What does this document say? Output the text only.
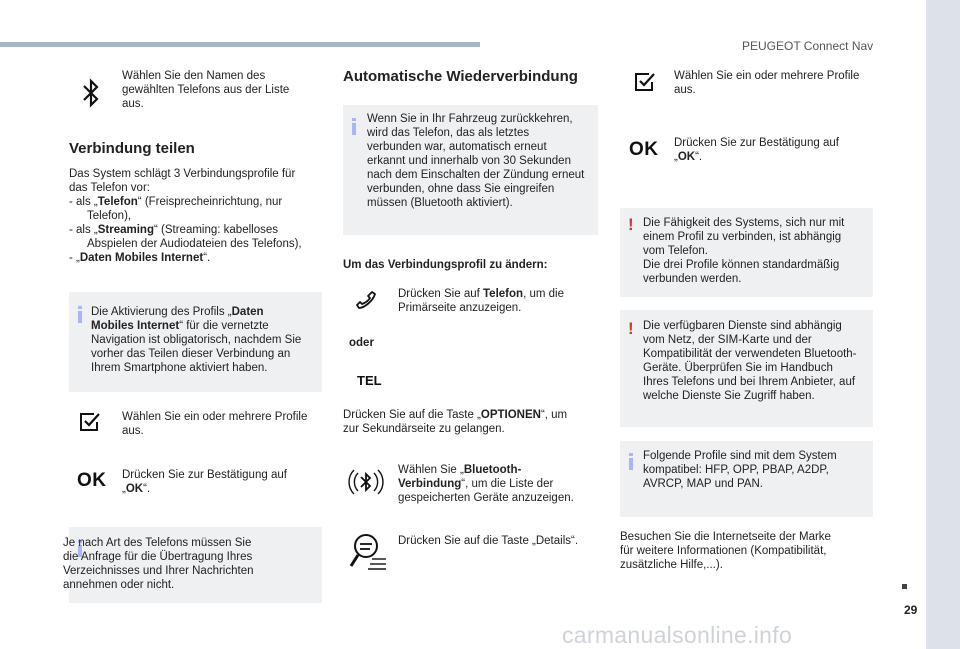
PEUGEOT Connect Nav
Wählen Sie den Namen des gewählten Telefons aus der Liste aus.
Verbindung teilen
Das System schlägt 3 Verbindungsprofile für
das Telefon vor:
- als „Telefon“ (Freisprecheinrichtung, nur
Telefon),
- als „Streaming“ (Streaming: kabelloses
Abspielen der Audiodateien des Telefons),
- „Daten Mobiles Internet“.
Die Aktivierung des Profils „Daten
Mobiles Internet“ für die vernetzte
Navigation ist obligatorisch, nachdem Sie
vorher das Teilen dieser Verbindung an
Ihrem Smartphone aktiviert haben.
Wählen Sie ein oder mehrere Profile
aus.
OK Drücken Sie zur Bestätigung auf
„OK“.
Je nach Art des Telefons müssen Sie
die Anfrage für die Übertragung Ihres
Verzeichnisses und Ihrer Nachrichten
annehmen oder nicht.
Automatische Wiederverbindung
Wenn Sie in Ihr Fahrzeug zurückkehren,
wird das Telefon, das als letztes
verbunden war, automatisch erneut
erkannt und innerhalb von 30 Sekunden
nach dem Einschalten der Zündung erneut
verbunden, ohne dass Sie eingreifen
müssen (Bluetooth aktiviert).
Um das Verbindungsprofil zu ändern:
Drücken Sie auf Telefon, um die
Primärseite anzuzeigen.
oder
TEL
Drücken Sie auf die Taste „OPTIONEN“, um
zur Sekundärseite zu gelangen.
Wählen Sie „Bluetooth-
Verbindung“, um die Liste der
gespeicherten Geräte anzuzeigen.
Drücken Sie auf die Taste „Details“.
Wählen Sie ein oder mehrere Profile
aus.
OK Drücken Sie zur Bestätigung auf
„OK“.
! Die Fähigkeit des Systems, sich nur mit
einem Profil zu verbinden, ist abhängig
vom Telefon.
Die drei Profile können standardmäßig
verbunden werden.
! Die verfügbaren Dienste sind abhängig
vom Netz, der SIM-Karte und der
Kompatibilität der verwendeten Bluetooth-
Geräte. Überprüfen Sie im Handbuch
Ihres Telefons und bei Ihrem Anbieter, auf
welche Dienste Sie Zugriff haben.
Folgende Profile sind mit dem System
kompatibel: HFP, OPP, PBAP, A2DP,
AVRCP, MAP und PAN.
Besuchen Sie die Internetseite der Marke
für weitere Informationen (Kompatibilität,
zusätzliche Hilfe,...).
29
carmanualsonline.info
